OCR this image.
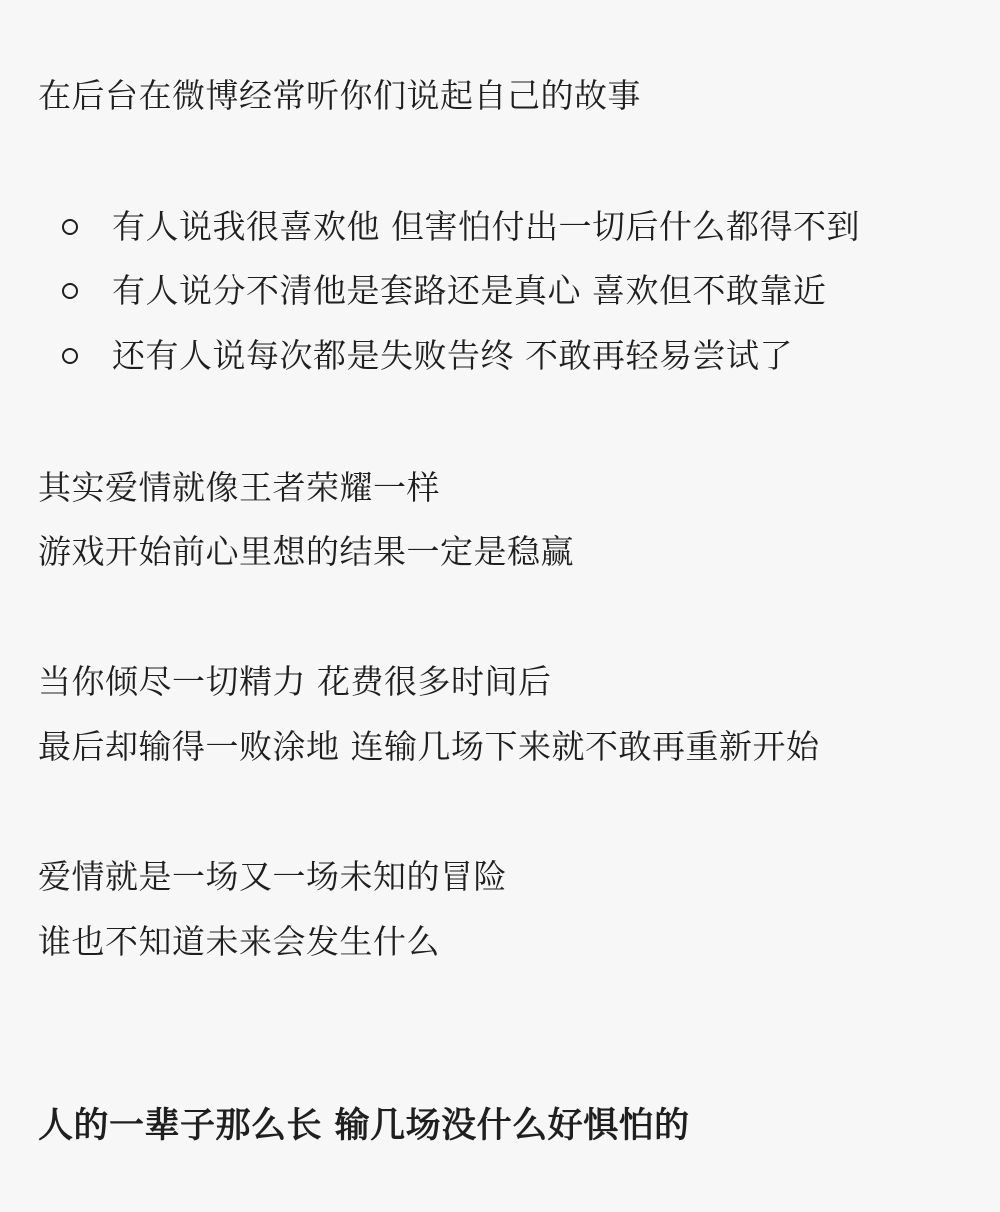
在后台在微博经常听你们说起自己的故事
有人说我很喜欢他 但害怕付出一切后什么都得不到
有人说分不清他是套路还是真心 喜欢但不敢靠近
还有人说每次都是失败告终 不敢再轻易尝试了
其实爱情就像王者荣耀一样
游戏开始前心里想的结果一定是稳赢
当你倾尽一切精力 花费很多时间后
最后却输得一败涂地 连输几场下来就不敢再重新开始
爱情就是一场又一场未知的冒险
谁也不知道未来会发生什么
人的一辈子那么长 输几场没什么好惧怕的
